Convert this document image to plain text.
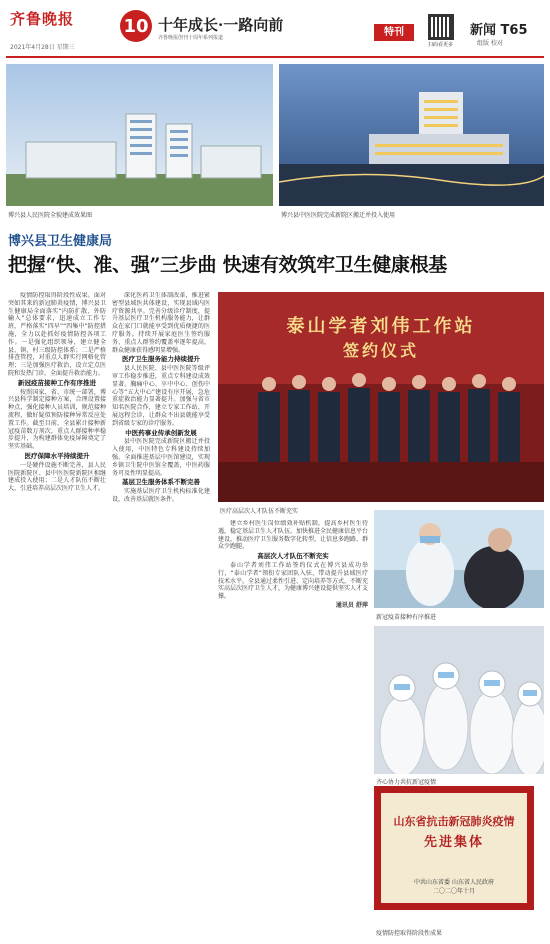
齐鲁晚报
2021年4月28日 星期三
10 十年成长·一路向前
齐鲁晚报创刊十周年系列报道	特刊
扫码看更多
新闻 T65
组版 校对
博兴县人民医院全貌建成效果图	博兴县中医医院完成新院区搬迁并投入使用
博兴县卫生健康局
把握“快、准、强”三步曲 快速有效筑牢卫生健康根基

疫情防控取得阶段性成果。面对突如其来的新冠肺炎疫情，博兴县卫生健康局全面落实“内防扩散、外防输入”总体要求，迅速成立工作专班，严格落实“四早”“四集中”防控措施，全力以赴抓好疫情防控各项工作。一是强化组织领导，建立健全县、镇、村三级防控体系；二是严格排查管控，对重点人群实行网格化管理；三是加强医疗救治，设立定点医院和发热门诊，全面提升救治能力。

新冠疫苗接种工作有序推进

按照国家、省、市统一部署，博兴县科学制定接种方案，合理设置接种点，强化接种人员培训，规范接种流程，做好疑似预防接种异常反应处置工作。截至目前，全县累计接种新冠疫苗数万剂次，重点人群接种率稳步提升，为构建群体免疫屏障奠定了坚实基础。

医疗保障水平持续提升

一是硬件设施不断完善，县人民医院新院区、县中医医院新院区相继建成投入使用；二是人才队伍不断壮大，引进培养高层次医疗卫生人才。

深化医药卫生体制改革，推进紧密型县域医共体建设，实现县域内医疗资源共享。完善分级诊疗制度，提升基层医疗卫生机构服务能力，让群众在家门口就能享受到优质便捷的医疗服务。持续开展家庭医生签约服务，重点人群签约覆盖率逐年提高，群众健康获得感明显增强。

医疗卫生服务能力持续提升

县人民医院、县中医医院等级评审工作稳步推进，重点专科建设成效显著。胸痛中心、卒中中心、创伤中心等“五大中心”建设有序开展，急危重症救治能力显著提升。加强与省市知名医院合作，建立专家工作站，开展远程会诊，让群众不出县就能享受到省级专家的诊疗服务。

中医药事业传承创新发展

县中医医院完成新院区搬迁并投入使用，中医特色专科建设持续加强。全面推进基层中医馆建设，实现乡镇卫生院中医馆全覆盖，中医药服务可及性明显提高。

基层卫生服务体系不断完善

实施基层医疗卫生机构标准化建设，改善基层就医条件。

泰山学者刘伟工作站
签约仪式
医疗高层次人才队伍不断充实

建立乡村医生岗位绩效补贴机制，提高乡村医生待遇，稳定基层卫生人才队伍。加快推进全民健康信息平台建设，推动医疗卫生服务数字化转型，让信息多跑路、群众少跑腿。

高层次人才队伍不断充实

泰山学者刘伟工作站签约仪式在博兴县成功举行，“泰山学者”领衔专家团队入驻，带动提升县域医疗技术水平。全县通过柔性引进、定向培养等方式，不断充实高层次医疗卫生人才，为健康博兴建设提供坚实人才支撑。

通讯员 舒萍

新冠疫苗接种有序推进
齐心协力共抗新冠疫情
山东省抗击新冠肺炎疫情
先进集体
中共山东省委 山东省人民政府
二〇二〇年十月
疫情防控取得阶段性成果
